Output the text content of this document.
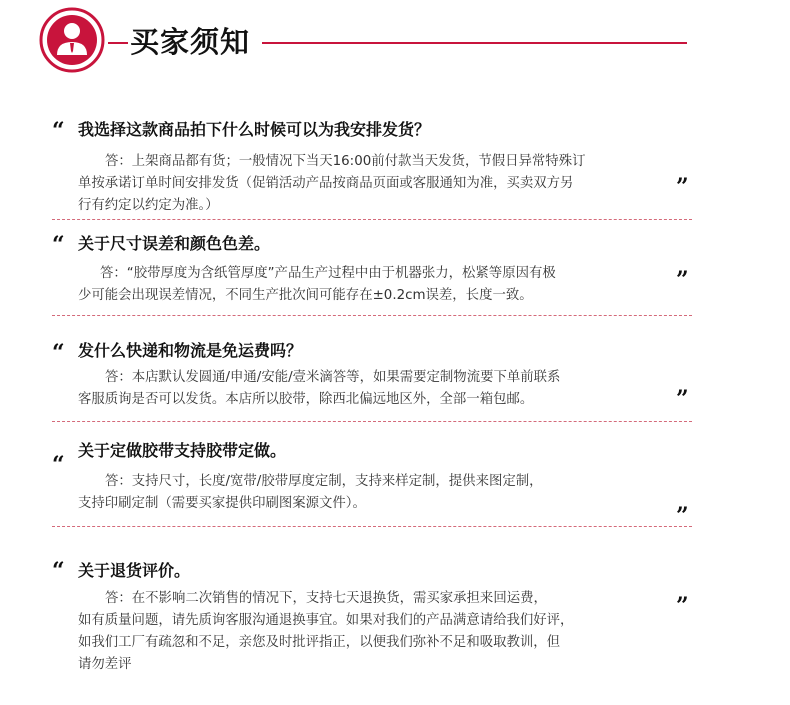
买家须知
“ 我选择这款商品拍下什么时候可以为我安排发货？
答：上架商品都有货；一般情况下当天16:00前付款当天发货，节假日异常特殊订
单按承诺订单时间安排发货（促销活动产品按商品页面或客服通知为准，买卖双方另
行有约定以约定为准。）
”
“ 关于尺寸误差和颜色色差。
答：“胶带厚度为含纸管厚度”产品生产过程中由于机器张力，松紧等原因有极
少可能会出现误差情况，不同生产批次间可能存在±0.2cm误差，长度一致。
”
“ 发什么快递和物流是免运费吗？
答：本店默认发圆通/申通/安能/壹米滴答等，如果需要定制物流要下单前联系
客服质询是否可以发货。本店所以胶带，除西北偏远地区外，全部一箱包邮。	”
“
关于定做胶带支持胶带定做。
答：支持尺寸，长度/宽带/胶带厚度定制，支持来样定制，提供来图定制，
支持印刷定制（需要买家提供印刷图案源文件）。	”
“ 关于退货评价。
答：在不影响二次销售的情况下，支持七天退换货，需买家承担来回运费，
如有质量问题，请先质询客服沟通退换事宜。如果对我们的产品满意请给我们好评，
如我们工厂有疏忽和不足，亲您及时批评指正，以便我们弥补不足和吸取教训，但
请勿差评
”
